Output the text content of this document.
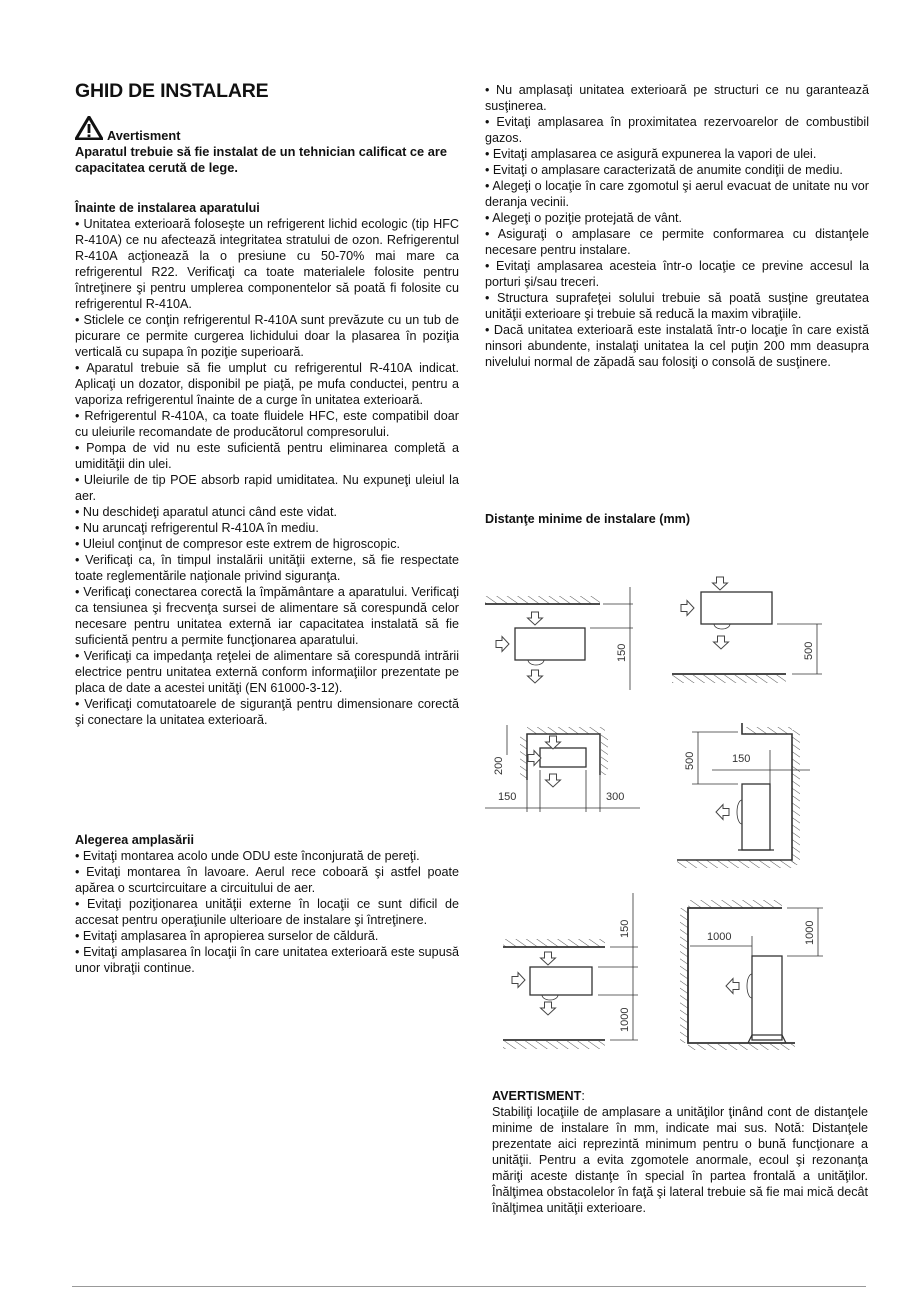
GHID DE INSTALARE
Avertisment

Aparatul trebuie să fie instalat de un tehnician calificat ce are capacitatea cerută de lege.

Înainte de instalarea aparatului

• Unitatea exterioară foloseşte un refrigerent lichid ecologic (tip HFC R-410A) ce nu afectează integritatea stratului de ozon. Refrigerentul R-410A acţionează la o presiune cu 50-70% mai mare ca refrigerentul R22. Verificaţi ca toate materialele folosite pentru întreţinere şi pentru umplerea componentelor să poată fi folosite cu refrigerentul R-410A.

• Sticlele ce conţin refrigerentul R-410A sunt prevăzute cu un tub de picurare ce permite curgerea lichidului doar la plasarea în poziţia verticală cu supapa în poziţie superioară.

• Aparatul trebuie să fie umplut cu refrigerentul R-410A indicat. Aplicaţi un dozator, disponibil pe piaţă, pe mufa conductei, pentru a vaporiza refrigerentul înainte de a curge în unitatea exterioară.

• Refrigerentul R-410A, ca toate fluidele HFC, este compatibil doar cu uleiurile recomandate de producătorul compresorului.

• Pompa de vid nu este suficientă pentru eliminarea completă a umidităţii din ulei.

• Uleiurile de tip POE absorb rapid umiditatea. Nu expuneţi uleiul la aer.

• Nu deschideţi aparatul atunci când este vidat.

• Nu aruncaţi refrigerentul R-410A în mediu.

• Uleiul conţinut de compresor este extrem de higroscopic.

• Verificaţi ca, în timpul instalării unităţii externe, să fie respectate toate reglementările naţionale privind siguranţa.

• Verificaţi conectarea corectă la împământare a aparatului. Verificaţi ca tensiunea şi frecvenţa sursei de alimentare să corespundă celor necesare pentru unitatea externă iar capacitatea instalată să fie suficientă pentru a permite funcţionarea aparatului.

• Verificaţi ca impedanţa reţelei de alimentare să corespundă intrării electrice pentru unitatea externă conform informaţiilor prezentate pe placa de date a acestei unităţi (EN 61000-3-12).

• Verificaţi comutatoarele de siguranţă pentru dimensionare corectă şi conectare la unitatea exterioară.

Alegerea amplasării

• Evitaţi montarea acolo unde ODU este înconjurată de pereţi.

• Evitaţi montarea în lavoare. Aerul rece coboară şi astfel poate apărea o scurtcircuitare a circuitului de aer.

• Evitaţi poziţionarea unităţii externe în locaţii ce sunt dificil de accesat pentru operaţiunile ulterioare de instalare şi întreţinere.

• Evitaţi amplasarea în apropierea surselor de căldură.

• Evitaţi amplasarea în locaţii în care unitatea exterioară este supusă unor vibraţii continue.

• Nu amplasaţi unitatea exterioară pe structuri ce nu garantează susţinerea.

• Evitaţi amplasarea în proximitatea rezervoarelor de combustibil gazos.

• Evitaţi amplasarea ce asigură expunerea la vapori de ulei.

• Evitaţi o amplasare caracterizată de anumite condiţii de mediu.

• Alegeţi o locaţie în care zgomotul şi aerul evacuat de unitate nu vor deranja vecinii.

• Alegeţi o poziţie protejată de vânt.

• Asiguraţi o amplasare ce permite conformarea cu distanţele necesare pentru instalare.

• Evitaţi amplasarea acesteia într-o locaţie ce previne accesul la porturi şi/sau treceri.

• Structura suprafeţei solului trebuie să poată susţine greutatea unităţii exterioare şi trebuie să reducă la maxim vibraţiile.

• Dacă unitatea exterioară este instalată într-o locaţie în care există ninsori abundente, instalaţi unitatea la cel puţin 200 mm deasupra nivelului normal de zăpadă sau folosiţi o consolă de susţinere.

Distanţe minime de instalare (mm)

150	500
200
150	300
500	150
150
1000
1000	1000

AVERTISMENT:

Stabiliţi locaţiile de amplasare a unităţilor ţinând cont de distanţele minime de instalare în mm, indicate mai sus. Notă: Distanţele prezentate aici reprezintă minimum pentru o bună funcţionare a unităţii. Pentru a evita zgomotele anormale, ecoul şi rezonanţa măriţi aceste distanţe în special în partea frontală a unităţilor. Înălţimea obstacolelor în faţă şi lateral trebuie să fie mai mică decât înălţimea unităţii exterioare.
